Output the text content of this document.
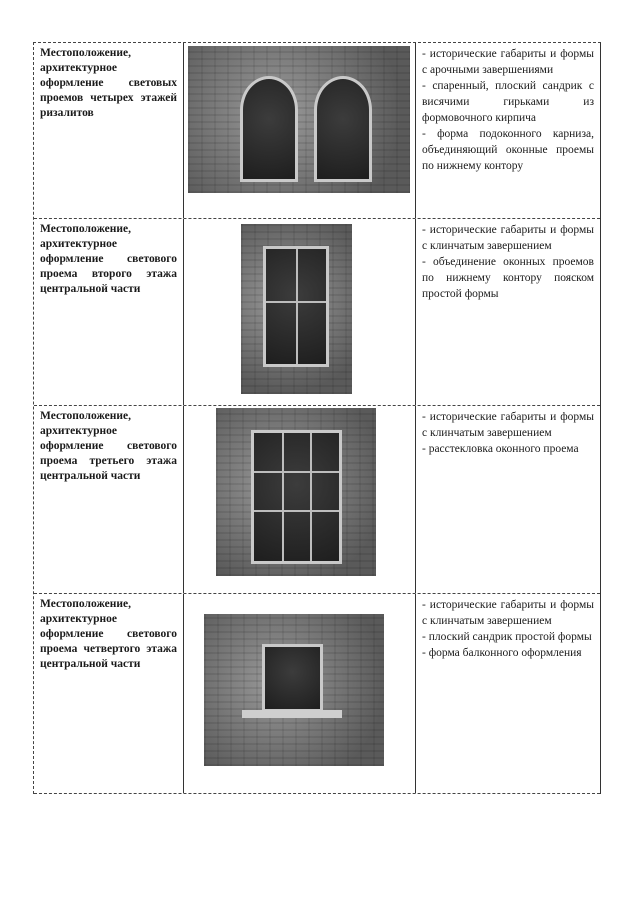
Местоположение, архитектурное оформление световых проемов четырех этажей ризалитов

- исторические габариты и формы с арочными завершениями

- спаренный, плоский сандрик с висячими гирьками из формовочного кирпича

- форма подоконного карниза, объединяющий оконные проемы по нижнему контору

Местоположение, архитектурное оформление светового проема второго этажа центральной части

- исторические габариты и формы с клинчатым завершением

- объединение оконных проемов по нижнему контору пояском простой формы

Местоположение, архитектурное оформление светового проема третьего этажа центральной части

- исторические габариты и формы с клинчатым завершением

- расстекловка оконного проема

Местоположение, архитектурное оформление светового проема четвертого этажа центральной части

- исторические габариты и формы с клинчатым завершением

- плоский сандрик простой формы

- форма балконного оформления
